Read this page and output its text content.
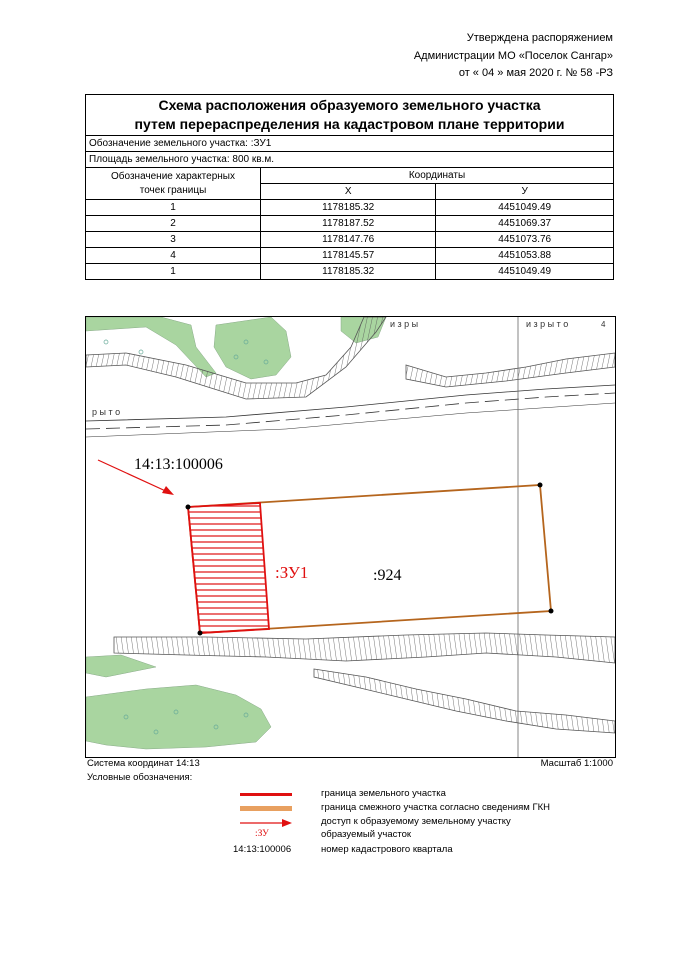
Утверждена распоряжением
Администрации МО «Поселок Сангар»
от « 04 » мая 2020 г. № 58 -РЗ
Схема расположения образуемого земельного участка
путем перераспределения на кадастровом плане территории		

Обозначение земельного участка: :ЗУ1		
Площадь земельного участка: 800 кв.м.		

Обозначение характерных
точек границы	Координаты	
	X	У
1	1178185.32	4451049.49
2	1178187.52	4451069.37
3	1178147.76	4451073.76
4	1178145.57	4451053.88
1	1178185.32	4451049.49
и з р ы	и з р ы т о
р ы т о
4
14:13:100006
:ЗУ1	:924
Система координат 14:13	Масштаб 1:1000
Условные обозначения:
граница земельного участка
граница смежного участка согласно сведениям ГКН
доступ к образуемому земельному участку
:ЗУ	образуемый участок
14:13:100006	номер кадастрового квартала
